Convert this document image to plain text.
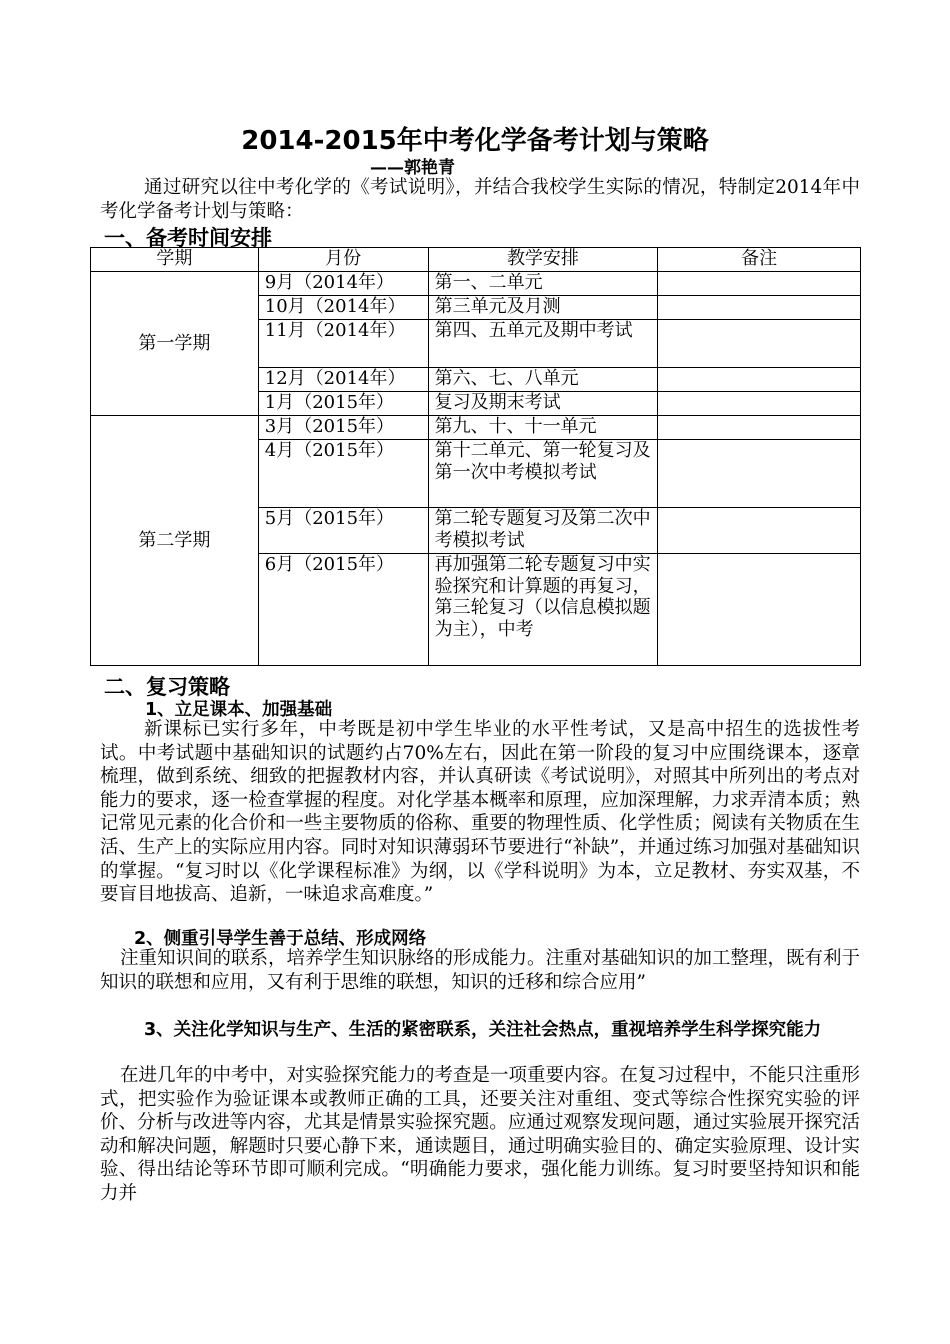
2014-2015年中考化学备考计划与策略
——郭艳青

通过研究以往中考化学的《考试说明》，并结合我校学生实际的情况，特制定2014年中考化学备考计划与策略：

一、备考时间安排
学期	月份	教学安排	备注
第一学期	9月（2014年）	第一、二单元	
	10月（2014年）	第三单元及月测	
	11月（2014年）	第四、五单元及期中考试	
	12月（2014年）	第六、七、八单元	
	1月（2015年）	复习及期末考试	
第二学期	3月（2015年）	第九、十、十一单元	
	4月（2015年）	第十二单元、第一轮复习及第一次中考模拟考试	
	5月（2015年）	第二轮专题复习及第二次中考模拟考试	
	6月（2015年）	再加强第二轮专题复习中实验探究和计算题的再复习，第三轮复习（以信息模拟题为主），中考	
二、复习策略
1、立足课本、加强基础

新课标已实行多年，中考既是初中学生毕业的水平性考试，又是高中招生的选拔性考试。中考试题中基础知识的试题约占70%左右，因此在第一阶段的复习中应围绕课本，逐章梳理，做到系统、细致的把握教材内容，并认真研读《考试说明》，对照其中所列出的考点对能力的要求，逐一检查掌握的程度。对化学基本概率和原理，应加深理解，力求弄清本质；熟记常见元素的化合价和一些主要物质的俗称、重要的物理性质、化学性质；阅读有关物质在生活、生产上的实际应用内容。同时对知识薄弱环节要进行“补缺”，并通过练习加强对基础知识的掌握。“复习时以《化学课程标准》为纲，以《学科说明》为本，立足教材、夯实双基，不要盲目地拔高、追新，一味追求高难度。”

2、侧重引导学生善于总结、形成网络

注重知识间的联系，培养学生知识脉络的形成能力。注重对基础知识的加工整理，既有利于知识的联想和应用，又有利于思维的联想，知识的迁移和综合应用”

3、关注化学知识与生产、生活的紧密联系，关注社会热点，重视培养学生科学探究能力

在进几年的中考中，对实验探究能力的考查是一项重要内容。在复习过程中，不能只注重形式，把实验作为验证课本或教师正确的工具，还要关注对重组、变式等综合性探究实验的评价、分析与改进等内容，尤其是情景实验探究题。应通过观察发现问题，通过实验展开探究活动和解决问题，解题时只要心静下来，通读题目，通过明确实验目的、确定实验原理、设计实验、得出结论等环节即可顺利完成。“明确能力要求，强化能力训练。复习时要坚持知识和能力并
